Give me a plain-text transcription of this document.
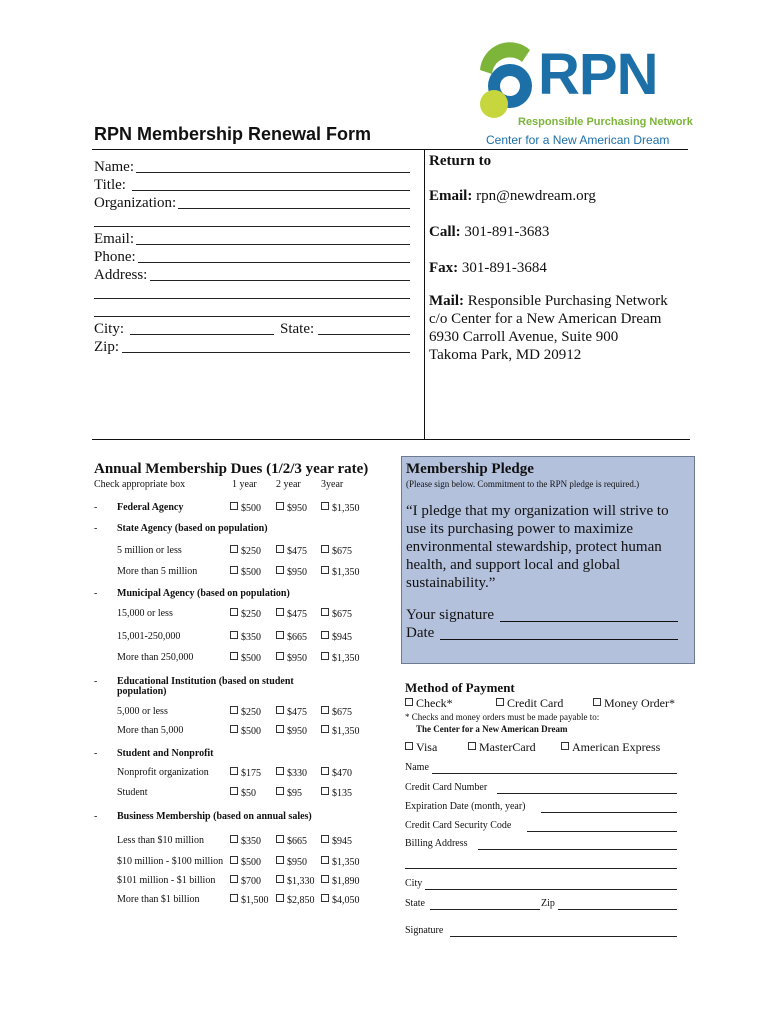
RPN
Responsible Purchasing Network
Center for a New American Dream
RPN Membership Renewal Form
Name:
Title:
Organization:
Email:
Phone:
Address:
City:	State:
Zip:
Return to
Email: rpn@newdream.org
Call: 301-891-3683
Fax: 301-891-3684
Mail: Responsible Purchasing Network
c/o Center for a New American Dream
6930 Carroll Avenue, Suite 900
Takoma Park, MD 20912
Annual Membership Dues (1/2/3 year rate)
Check appropriate box	1 year 2 year 3year
- Federal Agency	$500	$950	$1,350
- State Agency (based on population)
5 million or less	$250	$475	$675
More than 5 million	$500	$950	$1,350
- Municipal Agency (based on population)
15,000 or less	$250	$475	$675
15,001-250,000	$350	$665	$945
More than 250,000	$500	$950	$1,350
- Educational Institution (based on student
population)
5,000 or less	$250	$475	$675
More than 5,000	$500	$950	$1,350
- Student and Nonprofit
Nonprofit organization	$175	$330	$470
Student	$50	$95	$135
- Business Membership (based on annual sales)
Less than $10 million	$350	$665	$945
$10 million - $100 million	$500	$950	$1,350
$101 million - $1 billion	$700	$1,330	$1,890
More than $1 billion	$1,500	$2,850	$4,050
Membership Pledge
(Please sign below. Commitment to the RPN pledge is required.)
“I pledge that my organization will strive to
use its purchasing power to maximize
environmental stewardship, protect human
health, and support local and global
sustainability.”
Your signature
Date
Method of Payment
Check*	Credit Card	Money Order*
* Checks and money orders must be made payable to:
The Center for a New American Dream
Visa	MasterCard	American Express
Name
Credit Card Number
Expiration Date (month, year)
Credit Card Security Code
Billing Address
City
State	Zip
Signature
